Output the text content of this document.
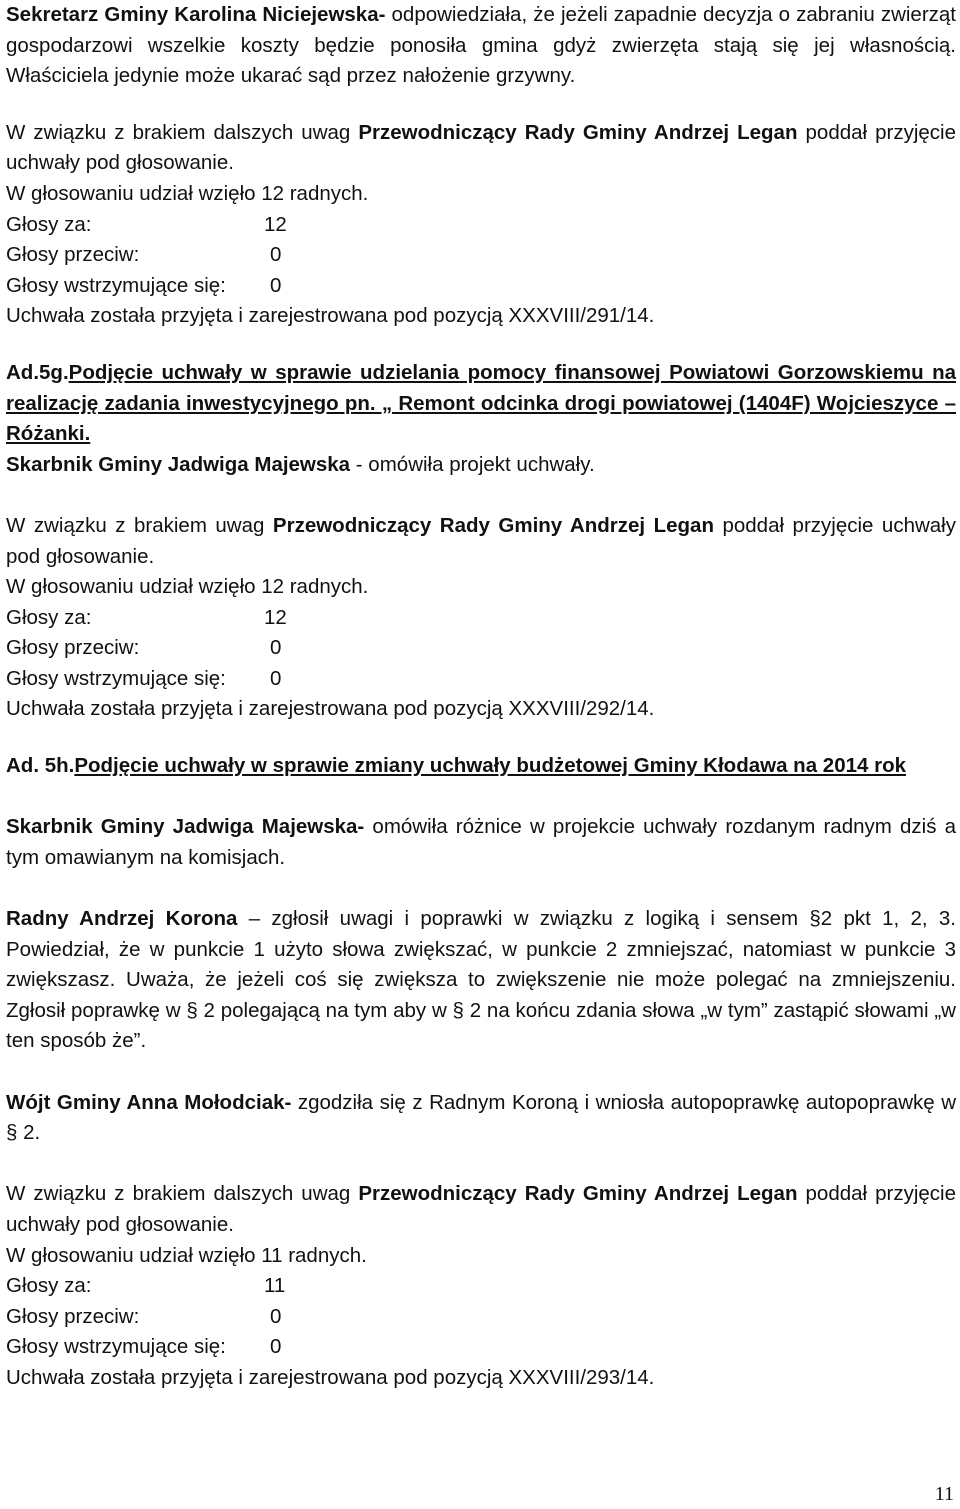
Sekretarz Gminy Karolina Niciejewska- odpowiedziała, że jeżeli zapadnie decyzja o zabraniu zwierząt gospodarzowi wszelkie koszty będzie ponosiła gmina gdyż zwierzęta stają się jej własnością. Właściciela jedynie może ukarać sąd przez nałożenie grzywny.

W związku z brakiem dalszych uwag Przewodniczący Rady Gminy Andrzej Legan poddał przyjęcie uchwały pod głosowanie.

W głosowaniu udział wzięło 12 radnych.

Głosy za:	12
Głosy przeciw:	0
Głosy wstrzymujące się:	0

Uchwała została przyjęta i zarejestrowana pod pozycją XXXVIII/291/14.

Ad.5g.Podjęcie uchwały w sprawie udzielania pomocy finansowej Powiatowi Gorzowskiemu na realizację zadania inwestycyjnego pn. „ Remont odcinka drogi powiatowej (1404F) Wojcieszyce –Różanki.

Skarbnik Gminy Jadwiga Majewska - omówiła projekt uchwały.

W związku z brakiem uwag Przewodniczący Rady Gminy Andrzej Legan poddał przyjęcie uchwały pod głosowanie.

W głosowaniu udział wzięło 12 radnych.

Głosy za:	12
Głosy przeciw:	0
Głosy wstrzymujące się:	0

Uchwała została przyjęta i zarejestrowana pod pozycją XXXVIII/292/14.

Ad. 5h.Podjęcie uchwały w sprawie zmiany uchwały budżetowej Gminy Kłodawa na 2014 rok

Skarbnik Gminy Jadwiga Majewska- omówiła różnice w projekcie uchwały rozdanym radnym dziś a tym omawianym na komisjach.

Radny Andrzej Korona – zgłosił uwagi i poprawki w związku z logiką i sensem §2 pkt 1, 2, 3. Powiedział, że w punkcie 1 użyto słowa zwiększać, w punkcie 2 zmniejszać, natomiast w punkcie 3 zwiększasz. Uważa, że jeżeli coś się zwiększa to zwiększenie nie może polegać na zmniejszeniu. Zgłosił poprawkę w § 2 polegającą na tym aby w § 2 na końcu zdania słowa „w tym” zastąpić słowami „w ten sposób że”.

Wójt Gminy Anna Mołodciak- zgodziła się z Radnym Koroną i wniosła autopoprawkę autopoprawkę w § 2.

W związku z brakiem dalszych uwag Przewodniczący Rady Gminy Andrzej Legan poddał przyjęcie uchwały pod głosowanie.

W głosowaniu udział wzięło 11 radnych.

Głosy za:	11
Głosy przeciw:	0
Głosy wstrzymujące się:	0

Uchwała została przyjęta i zarejestrowana pod pozycją XXXVIII/293/14.

11
